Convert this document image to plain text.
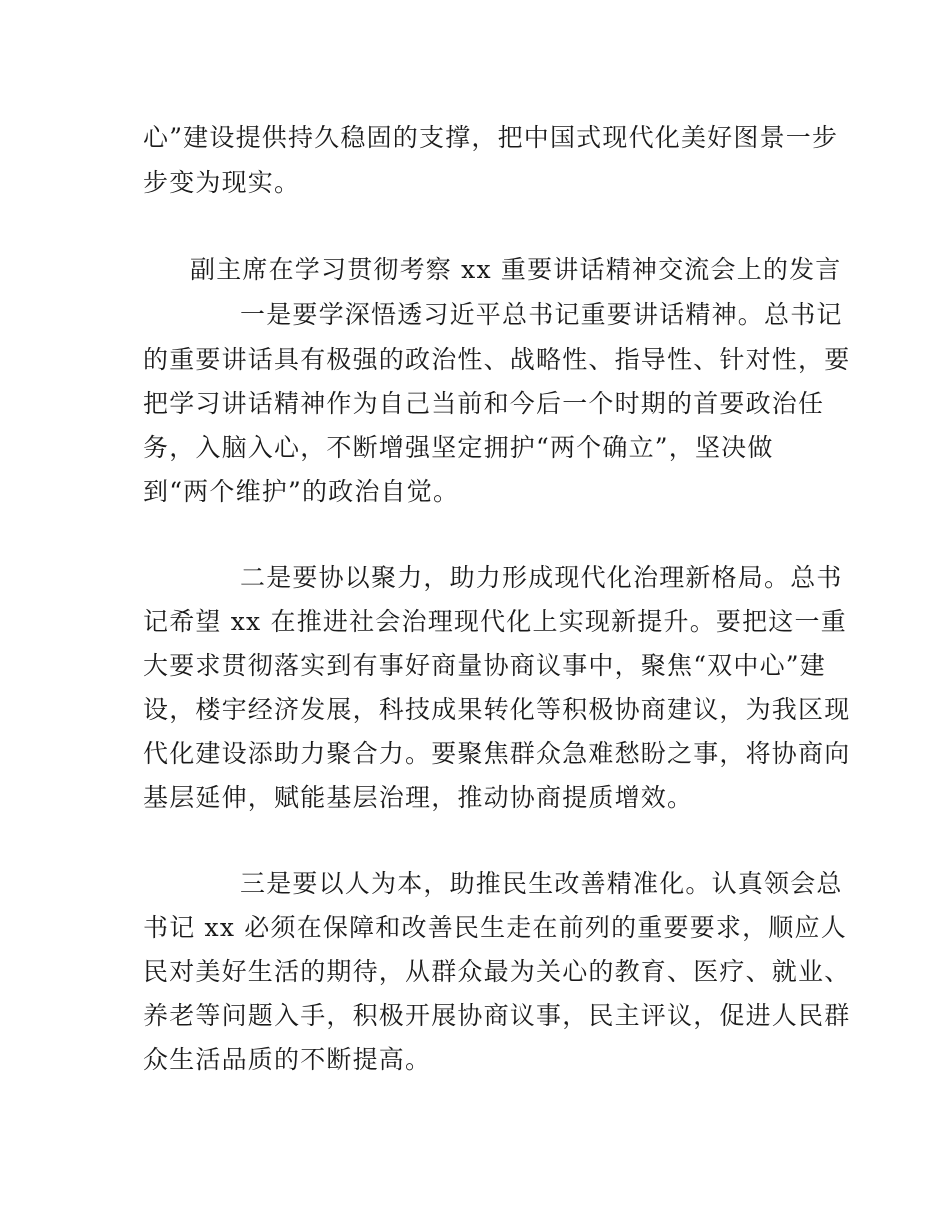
心”建设提供持久稳固的支撑，把中国式现代化美好图景一步
步变为现实。
副主席在学习贯彻考察 xx 重要讲话精神交流会上的发言
一是要学深悟透习近平总书记重要讲话精神。总书记
的重要讲话具有极强的政治性、战略性、指导性、针对性，要
把学习讲话精神作为自己当前和今后一个时期的首要政治任
务，入脑入心，不断增强坚定拥护“两个确立”，坚决做
到“两个维护”的政治自觉。
二是要协以聚力，助力形成现代化治理新格局。总书
记希望 xx 在推进社会治理现代化上实现新提升。要把这一重
大要求贯彻落实到有事好商量协商议事中，聚焦“双中心”建
设，楼宇经济发展，科技成果转化等积极协商建议，为我区现
代化建设添助力聚合力。要聚焦群众急难愁盼之事，将协商向
基层延伸，赋能基层治理，推动协商提质增效。
三是要以人为本，助推民生改善精准化。认真领会总
书记 xx 必须在保障和改善民生走在前列的重要要求，顺应人
民对美好生活的期待，从群众最为关心的教育、医疗、就业、
养老等问题入手，积极开展协商议事，民主评议，促进人民群
众生活品质的不断提高。
